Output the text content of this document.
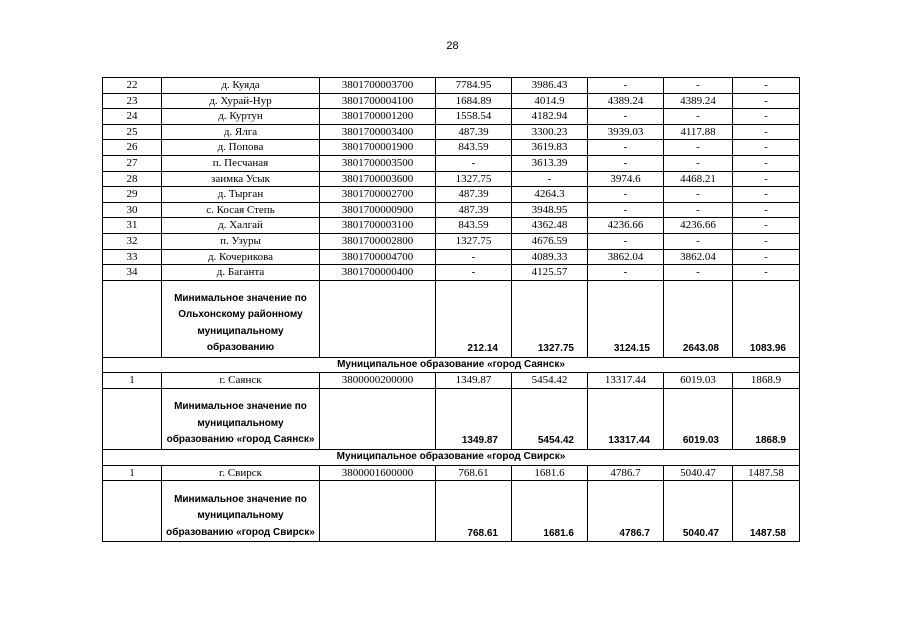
28
22	д. Куяда	3801700003700	7784.95	3986.43	-	-	-
23	д. Хурай-Нур	3801700004100	1684.89	4014.9	4389.24	4389.24	-
24	д. Куртун	3801700001200	1558.54	4182.94	-	-	-
25	д. Ялга	3801700003400	487.39	3300.23	3939.03	4117.88	-
26	д. Попова	3801700001900	843.59	3619.83	-	-	-
27	п. Песчаная	3801700003500	-	3613.39	-	-	-
28	заимка Усык	3801700003600	1327.75	-	3974.6	4468.21	-
29	д. Тырган	3801700002700	487.39	4264.3	-	-	-
30	с. Косая Степь	3801700000900	487.39	3948.95	-	-	-
31	д. Халгай	3801700003100	843.59	4362.48	4236.66	4236.66	-
32	п. Узуры	3801700002800	1327.75	4676.59	-	-	-
33	д. Кочерикова	3801700004700	-	4089.33	3862.04	3862.04	-
34	д. Баганта	3801700000400	-	4125.57	-	-	-
	Минимальное значение по Ольхонскому районному муниципальному образованию		212.14	1327.75	3124.15	2643.08	1083.96
Муниципальное образование «город Саянск»							
1	г. Саянск	3800000200000	1349.87	5454.42	13317.44	6019.03	1868.9
	Минимальное значение по муниципальному образованию «город Саянск»		1349.87	5454.42	13317.44	6019.03	1868.9
Муниципальное образование «город Свирск»							
1	г. Свирск	3800001600000	768.61	1681.6	4786.7	5040.47	1487.58
	Минимальное значение по муниципальному образованию «город Свирск»		768.61	1681.6	4786.7	5040.47	1487.58
